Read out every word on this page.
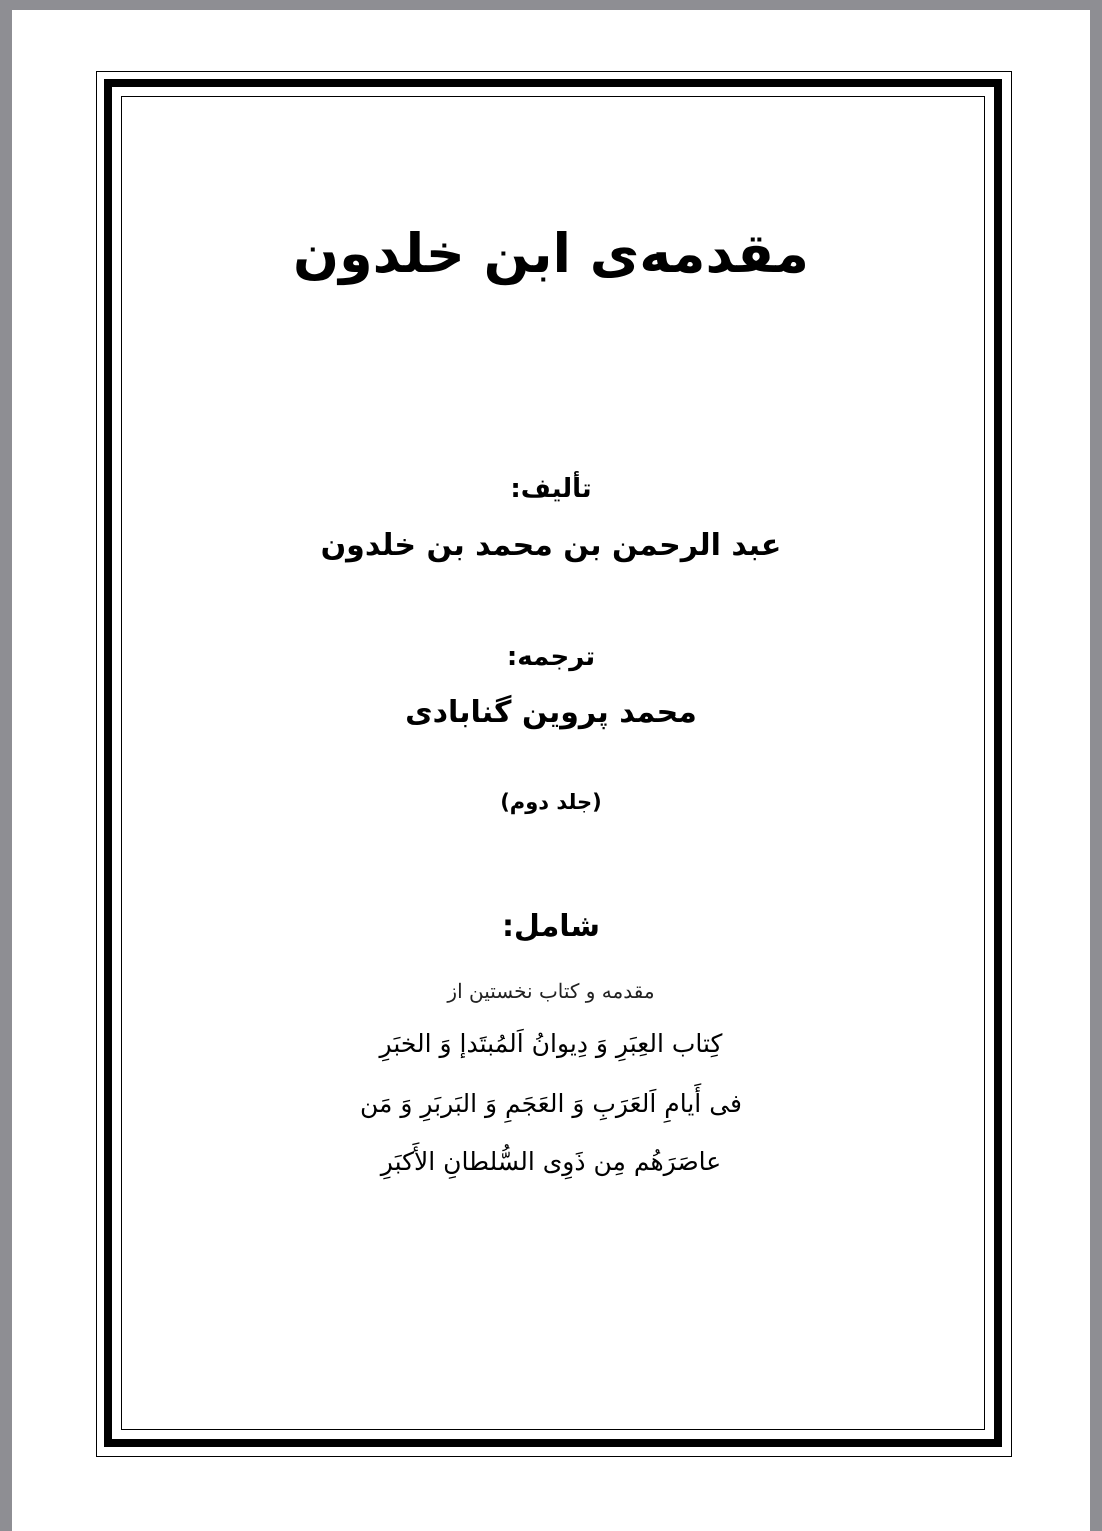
مقدمه‌ی ابن خلدون
تألیف:
عبد الرحمن بن محمد بن خلدون
ترجمه:
محمد پروین گنابادی
(جلد دوم)
شامل:
مقدمه و کتاب نخستین از
کِتاب العِبَرِ وَ دِیوانُ اَلمُبتَدإ وَ الخبَرِ
فی أَیامِ اَلعَرَبِ وَ العَجَمِ وَ البَربَرِ وَ مَن
عاصَرَهُم مِن ذَوِی السُّلطانِ الأَکبَرِ
